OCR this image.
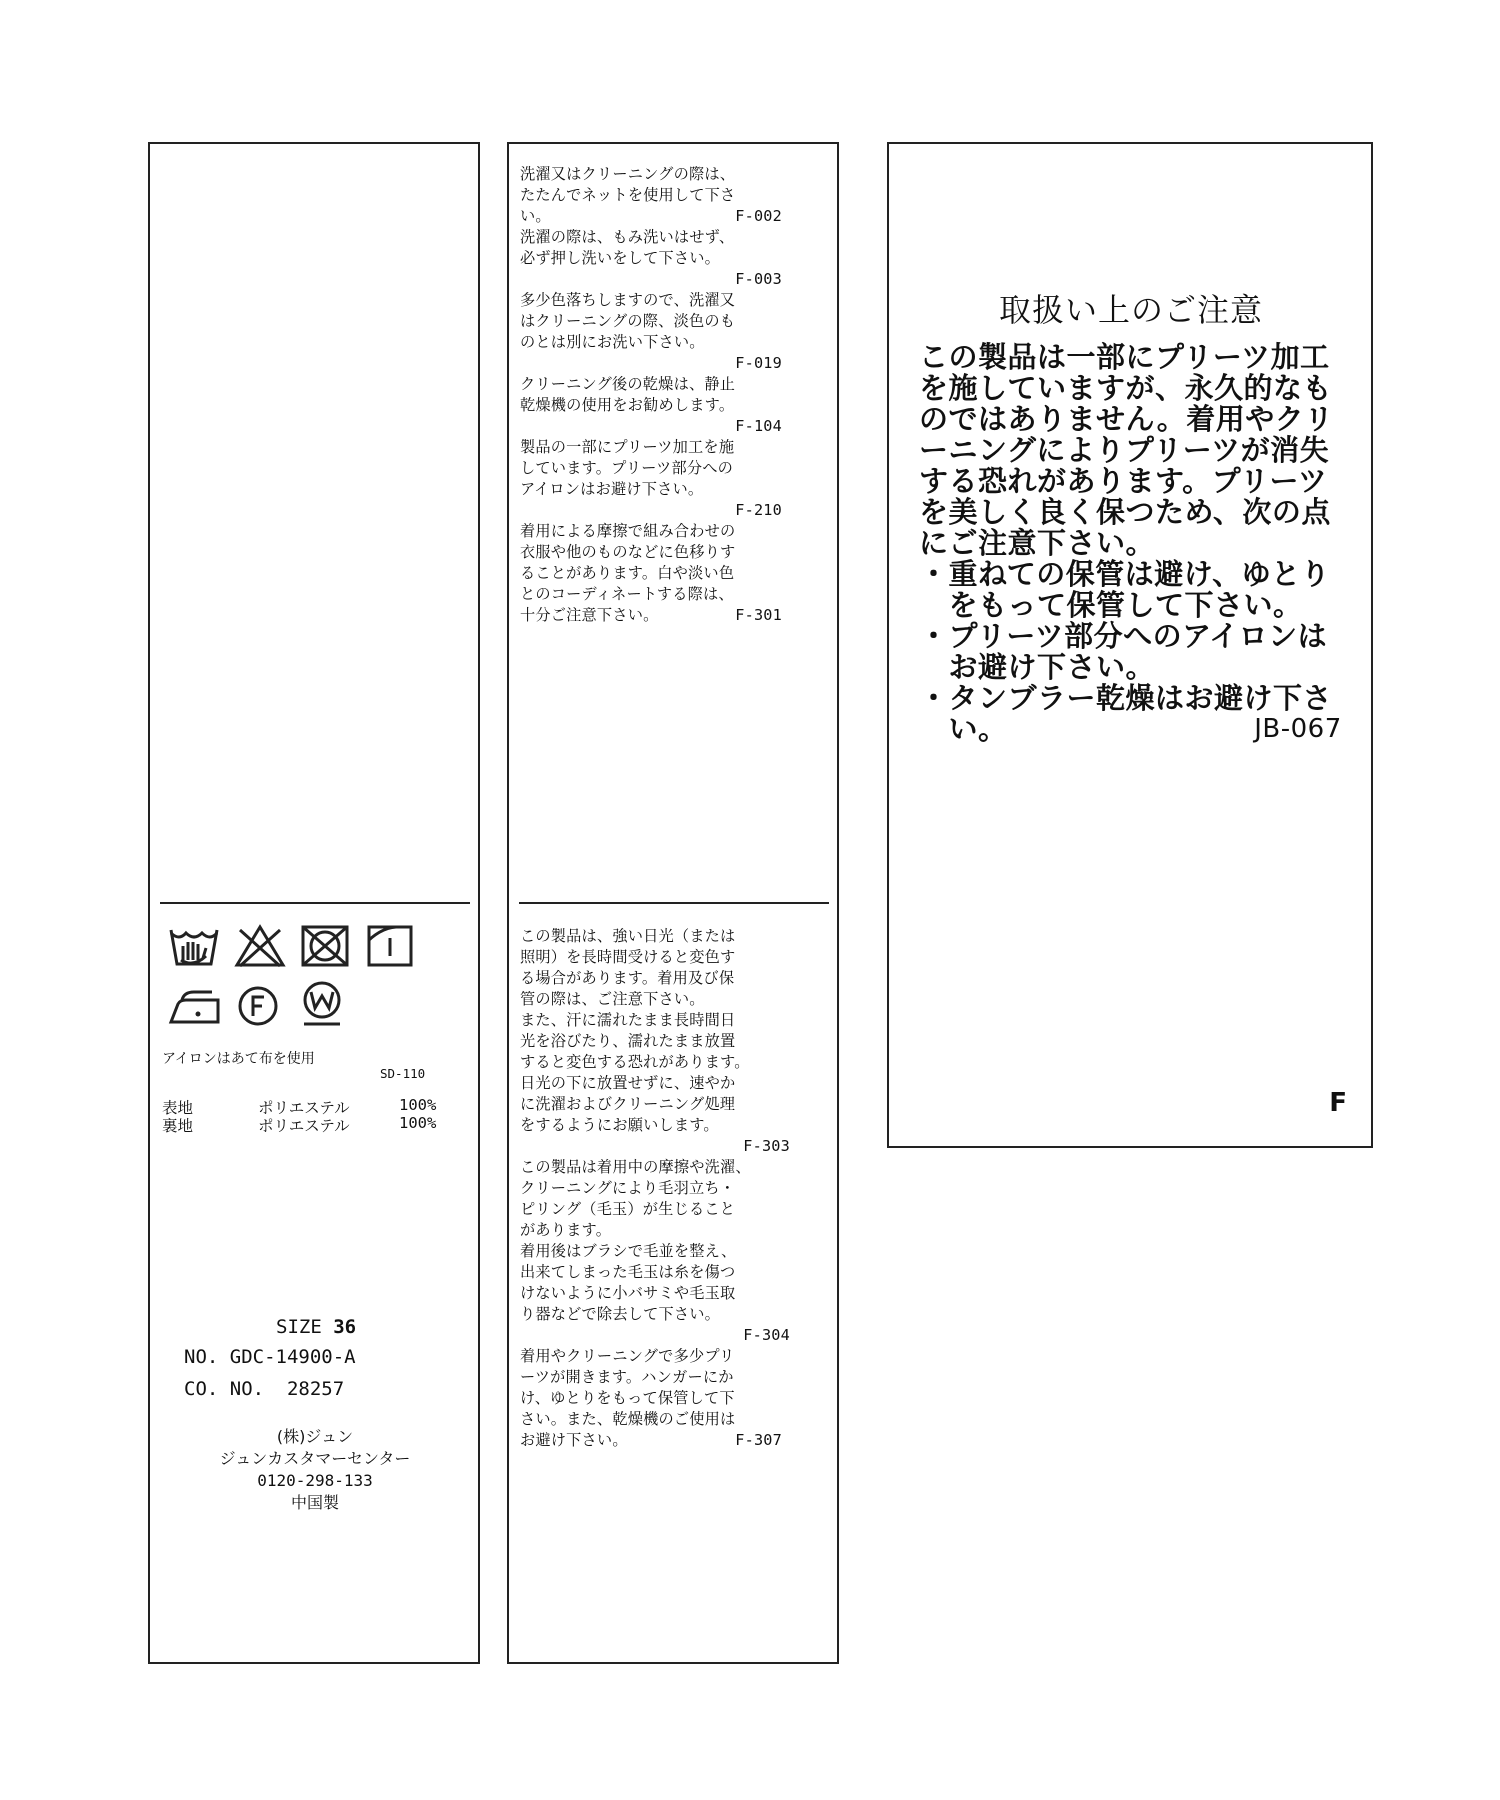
アイロンはあて布を使用
SD-110
表地	ポリエステル	100%
裏地	ポリエステル	100%
SIZE 36
NO. GDC-14900-A
CO. NO.  28257
(株)ジュン
ジュンカスタマーセンター
0120-298-133
中国製
洗濯又はクリーニングの際は、
たたんでネットを使用して下さ
い。	F-002
洗濯の際は、もみ洗いはせず、
必ず押し洗いをして下さい。
F-003
多少色落ちしますので、洗濯又
はクリーニングの際、淡色のも
のとは別にお洗い下さい。
F-019
クリーニング後の乾燥は、静止
乾燥機の使用をお勧めします。
F-104
製品の一部にプリーツ加工を施
しています。プリーツ部分への
アイロンはお避け下さい。
F-210
着用による摩擦で組み合わせの
衣服や他のものなどに色移りす
ることがあります。白や淡い色
とのコーディネートする際は、
十分ご注意下さい。	F-301
この製品は、強い日光（または
照明）を長時間受けると変色す
る場合があります。着用及び保
管の際は、ご注意下さい。
また、汗に濡れたまま長時間日
光を浴びたり、濡れたまま放置
すると変色する恐れがあります。
日光の下に放置せずに、速やか
に洗濯およびクリーニング処理
をするようにお願いします。
F-303
この製品は着用中の摩擦や洗濯、
クリーニングにより毛羽立ち・
ピリング（毛玉）が生じること
があります。
着用後はブラシで毛並を整え、
出来てしまった毛玉は糸を傷つ
けないように小バサミや毛玉取
り器などで除去して下さい。
F-304
着用やクリーニングで多少プリ
ーツが開きます。ハンガーにか
け、ゆとりをもって保管して下
さい。また、乾燥機のご使用は
お避け下さい。	F-307
取扱い上のご注意
この製品は一部にプリーツ加工
を施していますが、永久的なも
のではありません。着用やクリ
ーニングによりプリーツが消失
する恐れがあります。プリーツ
を美しく良く保つため、次の点
にご注意下さい。
・重ねての保管は避け、ゆとり
　をもって保管して下さい。
・プリーツ部分へのアイロンは
　お避け下さい。
・タンブラー乾燥はお避け下さ
　い。	JB-067
F
